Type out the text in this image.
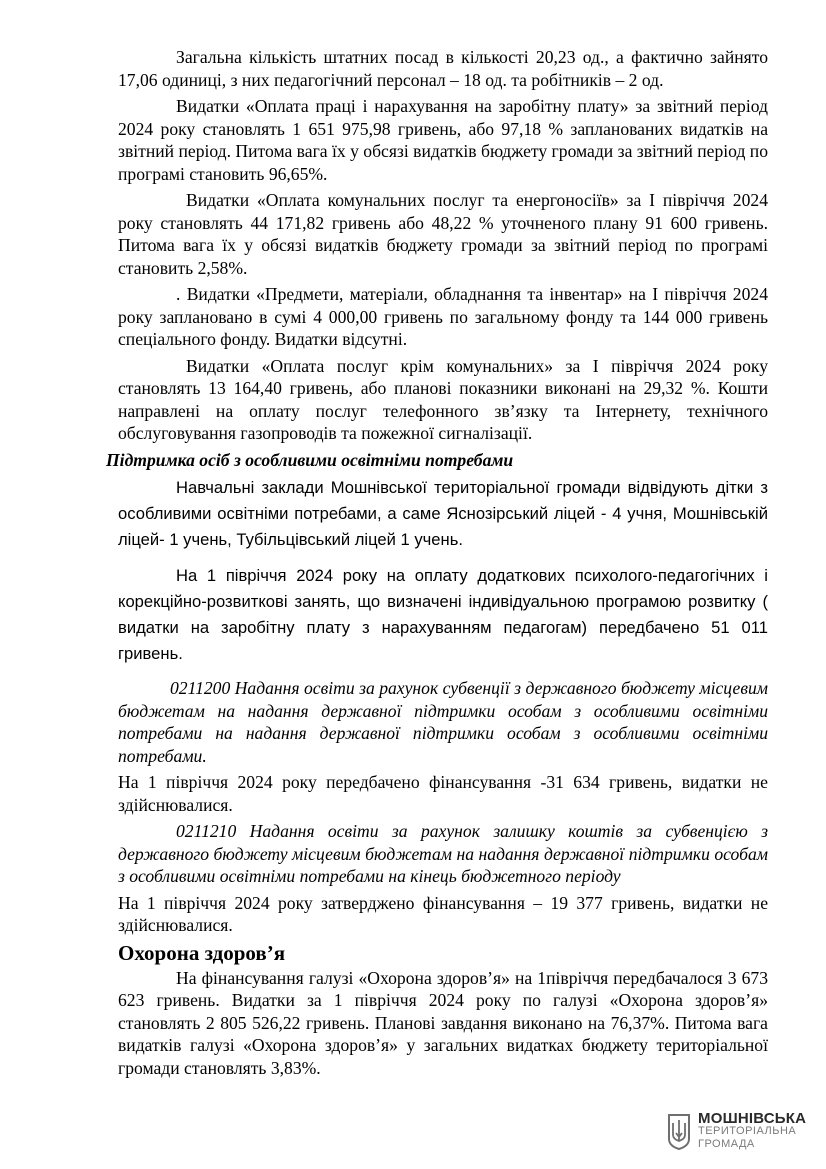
Загальна кількість штатних посад в кількості 20,23 од., а фактично зайнято 17,06 одиниці, з них педагогічний персонал – 18 од. та робітників – 2 од.

Видатки «Оплата праці і нарахування на заробітну плату» за звітний період 2024 року становлять 1 651 975,98 гривень, або 97,18 % запланованих видатків на звітний період. Питома вага їх у обсязі видатків бюджету громади за звітний період по програмі становить 96,65%.

Видатки «Оплата комунальних послуг та енергоносіїв» за І півріччя 2024 року становлять 44 171,82 гривень або 48,22 % уточненого плану 91 600 гривень. Питома вага їх у обсязі видатків бюджету громади за звітний період по програмі становить 2,58%.

. Видатки «Предмети, матеріали, обладнання та інвентар» на І півріччя 2024 року заплановано в сумі 4 000,00 гривень по загальному фонду та 144 000 гривень спеціального фонду. Видатки відсутні.

Видатки «Оплата послуг крім комунальних» за І півріччя 2024 року становлять 13 164,40 гривень, або планові показники виконані на 29,32 %. Кошти направлені на оплату послуг телефонного зв’язку та Інтернету, технічного обслуговування газопроводів та пожежної сигналізації.

Підтримка осіб з особливими освітніми потребами

Навчальні заклади Мошнівської територіальної громади відвідують дітки з особливими освітніми потребами, а саме Яснозірський ліцей - 4 учня, Мошнівській ліцей- 1 учень, Тубільцівський ліцей 1 учень.

На 1 півріччя 2024 року на оплату додаткових психолого-педагогічних і корекційно-розвиткові занять, що визначені індивідуальною програмою розвитку ( видатки на заробітну плату з нарахуванням педагогам) передбачено 51 011 гривень.

0211200 Надання освіти за рахунок субвенції з державного бюджету місцевим бюджетам на надання державної підтримки особам з особливими освітніми потребами на надання державної підтримки особам з особливими освітніми потребами.

На 1 півріччя 2024 року передбачено фінансування -31 634 гривень, видатки не здійснювалися.

0211210 Надання освіти за рахунок залишку коштів за субвенцією з державного бюджету місцевим бюджетам на надання державної підтримки особам з особливими освітніми потребами на кінець бюджетного періоду

На 1 півріччя 2024 року затверджено фінансування – 19 377 гривень, видатки не здійснювалися.

Охорона здоров’я

На фінансування галузі «Охорона здоров’я» на 1півріччя передбачалося 3 673 623 гривень. Видатки за 1 півріччя 2024 року по галузі «Охорона здоров’я» становлять 2 805 526,22 гривень. Планові завдання виконано на 76,37%. Питома вага видатків галузі «Охорона здоров’я» у загальних видатках бюджету територіальної громади становлять 3,83%.

МОШНІВСЬКА
ТЕРИТОРІАЛЬНА
ГРОМАДА
